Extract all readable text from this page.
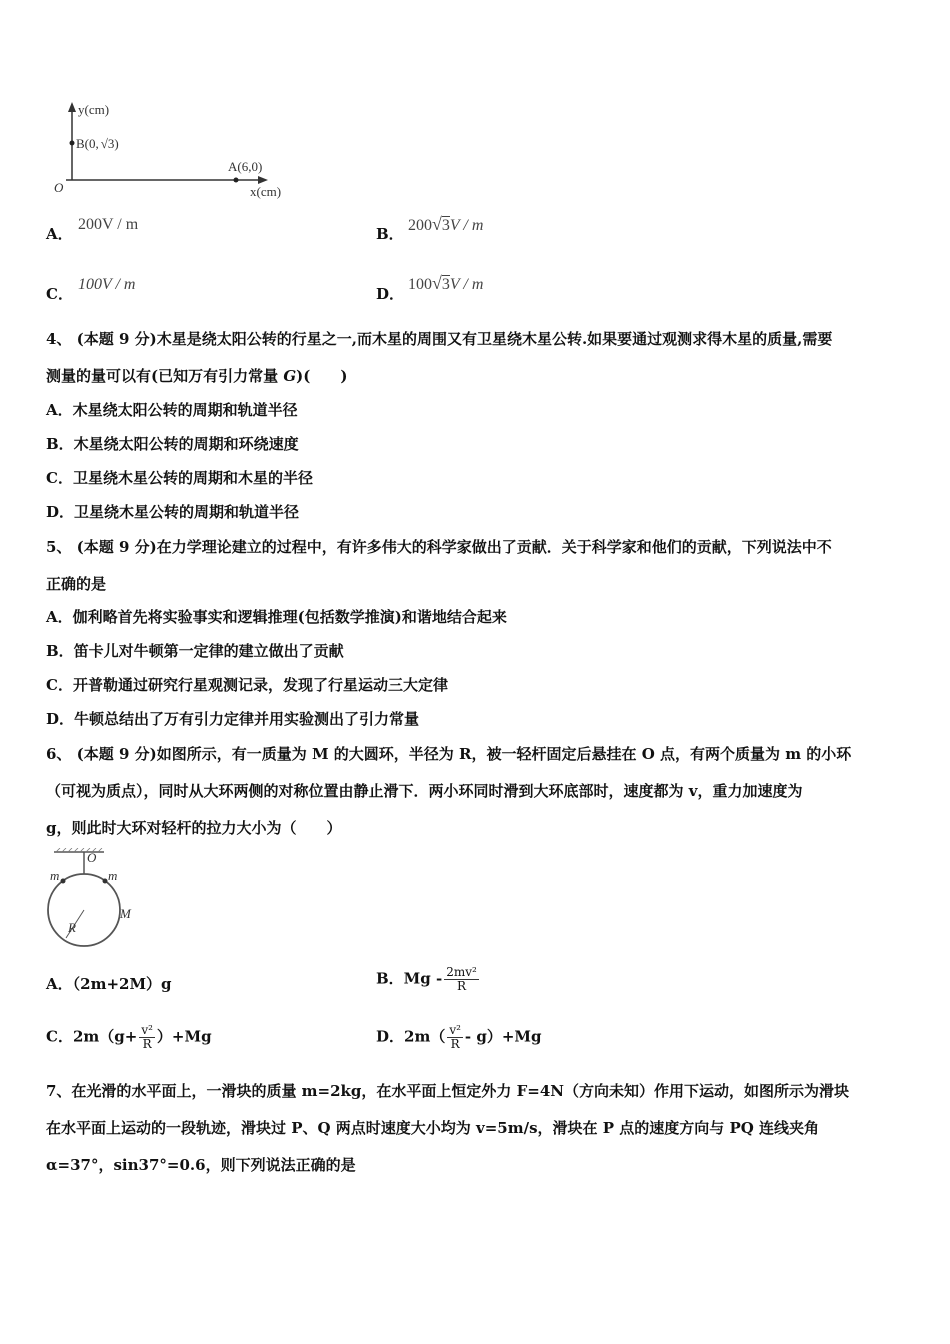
y(cm)
x(cm)
O
B(0, √3)
A(6,0)
A．
200V / m
B． 200√3V / m
C．
100V / m
D．
100√3V / m
4、 (本题 9 分)木星是绕太阳公转的行星之一,而木星的周围又有卫星绕木星公转.如果要通过观测求得木星的质量,需要
测量的量可以有(已知万有引力常量 G)(　　)
A．木星绕太阳公转的周期和轨道半径
B．木星绕太阳公转的周期和环绕速度
C．卫星绕木星公转的周期和木星的半径
D．卫星绕木星公转的周期和轨道半径
5、 (本题 9 分)在力学理论建立的过程中，有许多伟大的科学家做出了贡献．关于科学家和他们的贡献，下列说法中不
正确的是
A．伽利略首先将实验事实和逻辑推理(包括数学推演)和谐地结合起来
B．笛卡儿对牛顿第一定律的建立做出了贡献
C．开普勒通过研究行星观测记录，发现了行星运动三大定律
D．牛顿总结出了万有引力定律并用实验测出了引力常量
6、 (本题 9 分)如图所示，有一质量为 M 的大圆环，半径为 R，被一轻杆固定后悬挂在 O 点，有两个质量为 m 的小环
（可视为质点），同时从大环两侧的对称位置由静止滑下．两小环同时滑到大环底部时，速度都为 v，重力加速度为
g，则此时大环对轻杆的拉力大小为（　　）
O
R
m	m
M
A．（2m+2M）g	B．Mg - $\frac{\text{2mv²}}{R}$
C．$2m(g+ \frac{\text{v²}}{R} )+Mg$	D．$2m( \frac{\text{v²}}{R} - g)+Mg$
7、在光滑的水平面上，一滑块的质量 m=2kg，在水平面上恒定外力 F=4N（方向未知）作用下运动，如图所示为滑块
在水平面上运动的一段轨迹，滑块过 P、Q 两点时速度大小均为 v=5m/s，滑块在 P 点的速度方向与 PQ 连线夹角
α=37°，sin37°=0.6，则下列说法正确的是
